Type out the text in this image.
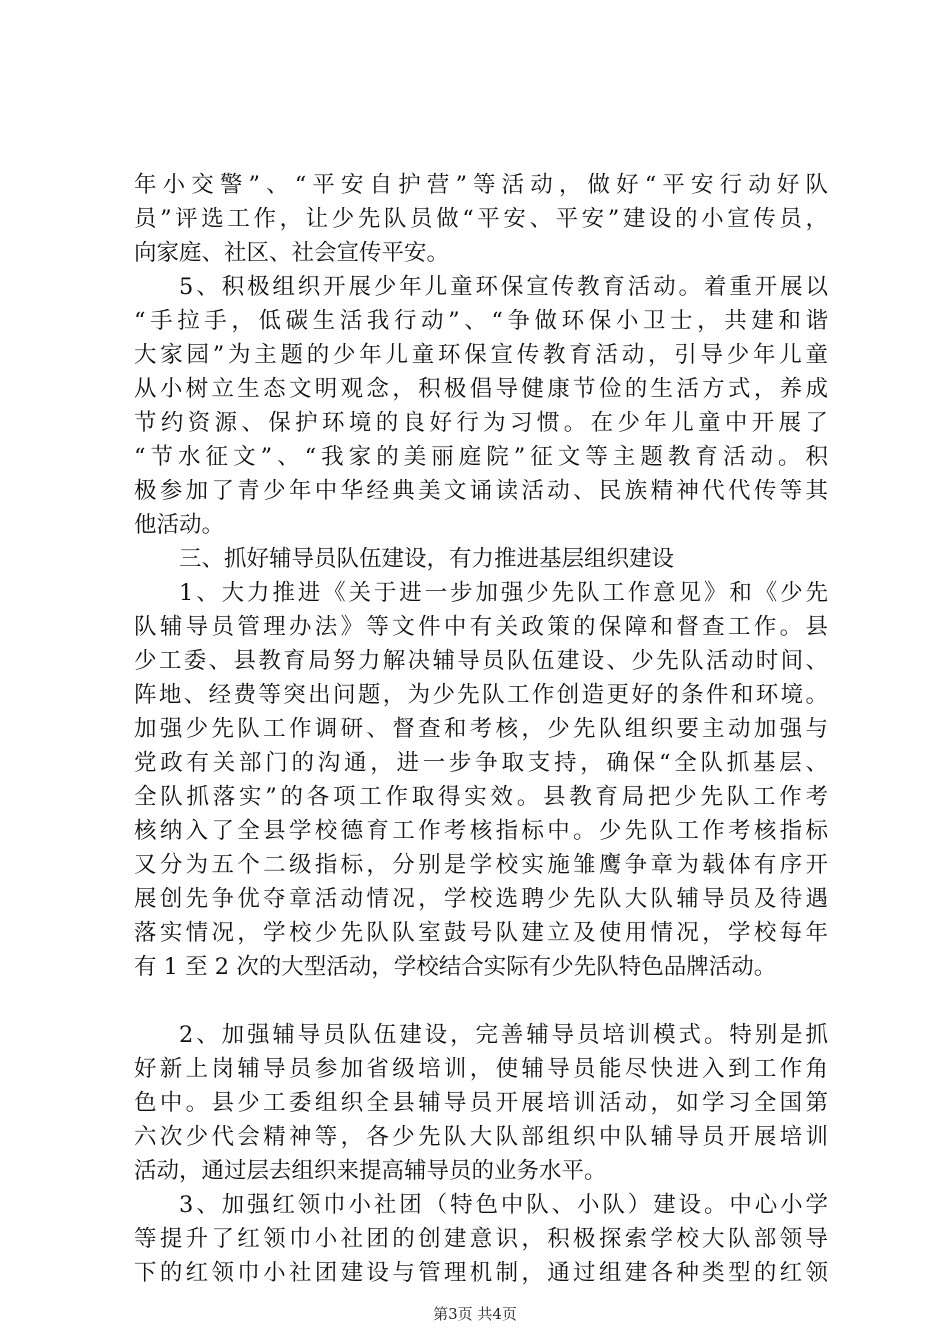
年小交警”、“平安自护营”等活动，做好“平安行动好队
员”评选工作，让少先队员做“平安、平安”建设的小宣传员，
向家庭、社区、社会宣传平安。
5、积极组织开展少年儿童环保宣传教育活动。着重开展以
“手拉手，低碳生活我行动”、“争做环保小卫士，共建和谐
大家园”为主题的少年儿童环保宣传教育活动，引导少年儿童
从小树立生态文明观念，积极倡导健康节俭的生活方式，养成
节约资源、保护环境的良好行为习惯。在少年儿童中开展了
“节水征文”、“我家的美丽庭院”征文等主题教育活动。积
极参加了青少年中华经典美文诵读活动、民族精神代代传等其
他活动。
三、抓好辅导员队伍建设，有力推进基层组织建设
1、大力推进《关于进一步加强少先队工作意见》和《少先
队辅导员管理办法》等文件中有关政策的保障和督查工作。县
少工委、县教育局努力解决辅导员队伍建设、少先队活动时间、
阵地、经费等突出问题，为少先队工作创造更好的条件和环境。
加强少先队工作调研、督查和考核，少先队组织要主动加强与
党政有关部门的沟通，进一步争取支持，确保“全队抓基层、
全队抓落实”的各项工作取得实效。县教育局把少先队工作考
核纳入了全县学校德育工作考核指标中。少先队工作考核指标
又分为五个二级指标，分别是学校实施雏鹰争章为载体有序开
展创先争优夺章活动情况，学校选聘少先队大队辅导员及待遇
落实情况，学校少先队队室鼓号队建立及使用情况，学校每年
有 1 至 2 次的大型活动，学校结合实际有少先队特色品牌活动。
2、加强辅导员队伍建设，完善辅导员培训模式。特别是抓
好新上岗辅导员参加省级培训，使辅导员能尽快进入到工作角
色中。县少工委组织全县辅导员开展培训活动，如学习全国第
六次少代会精神等，各少先队大队部组织中队辅导员开展培训
活动，通过层去组织来提高辅导员的业务水平。
3、加强红领巾小社团（特色中队、小队）建设。中心小学
等提升了红领巾小社团的创建意识，积极探索学校大队部领导
下的红领巾小社团建设与管理机制，通过组建各种类型的红领
第3页 共4页
